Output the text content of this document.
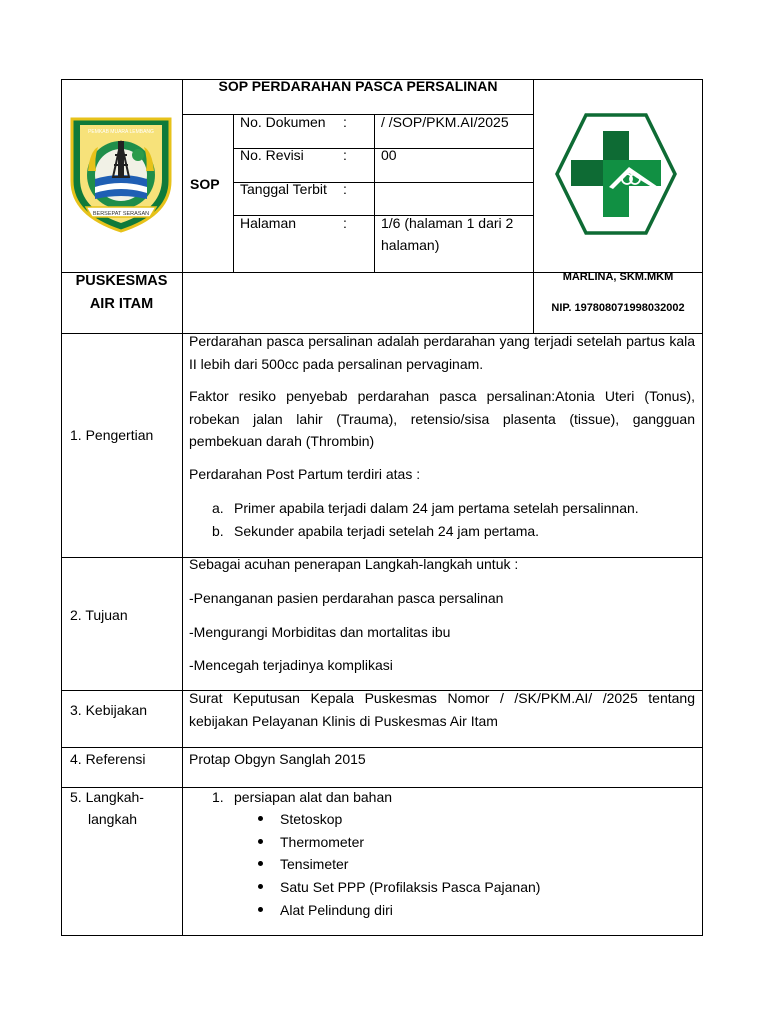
BERSEPAT SERASAN
PEMKAB MUARA LEMBANG
SOP PERDARAHAN PASCA PERSALINAN
SOP
No. Dokumen : / /SOP/PKM.AI/2025
No. Revisi	: 00
Tanggal Terbit :
Halaman	: 1/6 (halaman 1 dari 2
halaman)
PUSKESMAS
AIR ITAM
MARLINA, SKM.MKM
NIP. 197808071998032002
1. Pengertian
Perdarahan pasca persalinan adalah perdarahan yang terjadi setelah partus kala II lebih dari 500cc pada persalinan pervaginam.
Faktor resiko penyebab perdarahan pasca persalinan:Atonia Uteri (Tonus), robekan jalan lahir (Trauma), retensio/sisa plasenta (tissue), gangguan pembekuan darah (Thrombin)
Perdarahan Post Partum terdiri atas :
a. Primer apabila terjadi dalam 24 jam pertama setelah persalinnan.
b. Sekunder apabila terjadi setelah 24 jam pertama.
2. Tujuan
Sebagai acuhan penerapan Langkah-langkah untuk :
-Penanganan pasien perdarahan pasca persalinan
-Mengurangi Morbiditas dan mortalitas ibu
-Mencegah terjadinya komplikasi
3. Kebijakan
Surat Keputusan Kepala Puskesmas Nomor / /SK/PKM.AI/ /2025 tentang
kebijakan Pelayanan Klinis di Puskesmas Air Itam
4. Referensi	Protap Obgyn Sanglah 2015
5. Langkah-
langkah
1. persiapan alat dan bahan
Stetoskop
Thermometer
Tensimeter
Satu Set PPP (Profilaksis Pasca Pajanan)
Alat Pelindung diri
